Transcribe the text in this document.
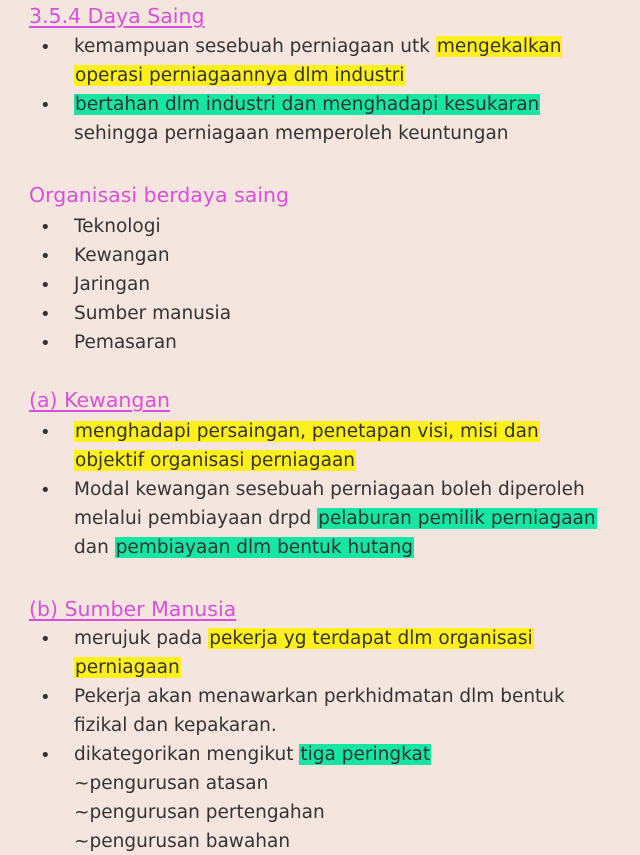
3.5.4 Daya Saing
• kemampuan sesebuah perniagaan utk mengekalkan
operasi perniagaannya dlm industri
• bertahan dlm industri dan menghadapi kesukaran
sehingga perniagaan memperoleh keuntungan
Organisasi berdaya saing
• Teknologi
• Kewangan
• Jaringan
• Sumber manusia
• Pemasaran
(a) Kewangan
• menghadapi persaingan, penetapan visi, misi dan
objektif organisasi perniagaan
• Modal kewangan sesebuah perniagaan boleh diperoleh
melalui pembiayaan drpd pelaburan pemilik perniagaan
dan pembiayaan dlm bentuk hutang
(b) Sumber Manusia
• merujuk pada pekerja yg terdapat dlm organisasi
perniagaan
• Pekerja akan menawarkan perkhidmatan dlm bentuk
fizikal dan kepakaran.
• dikategorikan mengikut tiga peringkat
~pengurusan atasan
~pengurusan pertengahan
~pengurusan bawahan
